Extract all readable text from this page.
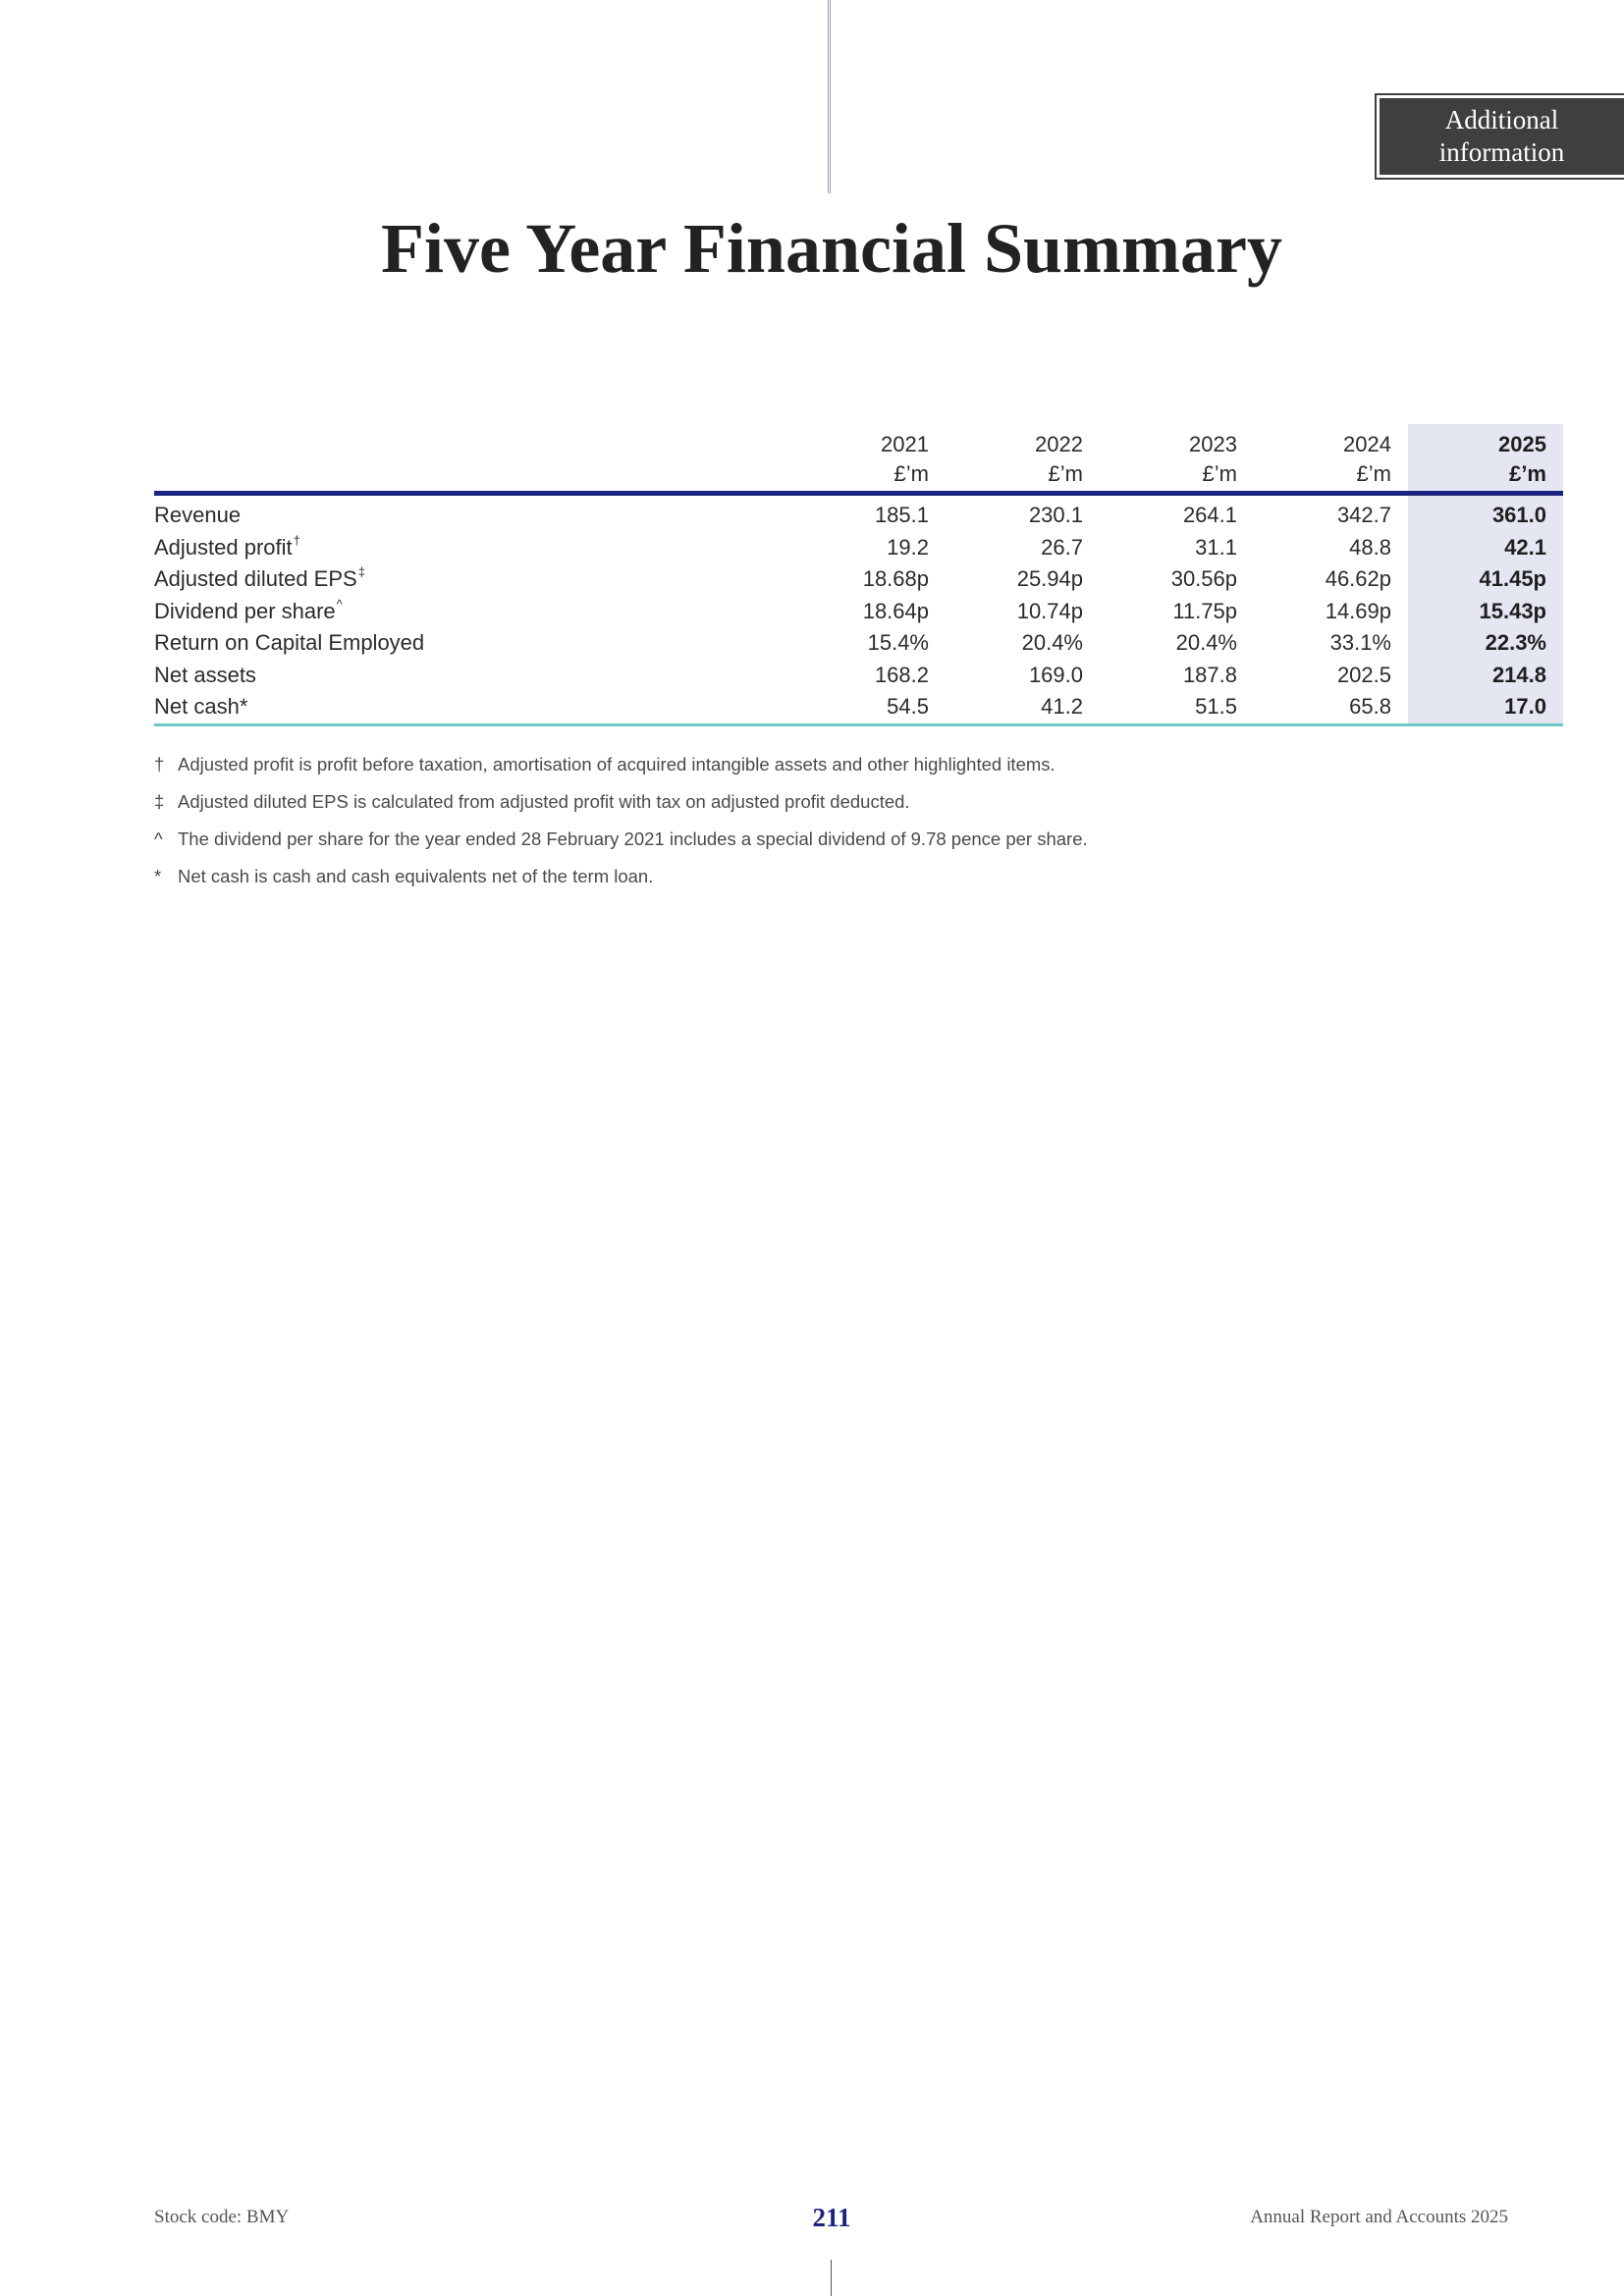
Additional
information
Five Year Financial Summary
	2021	2022	2023	2024	2025
	£’m	£’m	£’m	£’m	£’m
Revenue	185.1	230.1	264.1	342.7	361.0
Adjusted profit†	19.2	26.7	31.1	48.8	42.1
Adjusted diluted EPS‡	18.68p	25.94p	30.56p	46.62p	41.45p
Dividend per share^	18.64p	10.74p	11.75p	14.69p	15.43p
Return on Capital Employed	15.4%	20.4%	20.4%	33.1%	22.3%
Net assets	168.2	169.0	187.8	202.5	214.8
Net cash*	54.5	41.2	51.5	65.8	17.0
† Adjusted profit is profit before taxation, amortisation of acquired intangible assets and other highlighted items.
‡ Adjusted diluted EPS is calculated from adjusted profit with tax on adjusted profit deducted.
^ The dividend per share for the year ended 28 February 2021 includes a special dividend of 9.78 pence per share.
* Net cash is cash and cash equivalents net of the term loan.
Stock code: BMY	211	Annual Report and Accounts 2025
